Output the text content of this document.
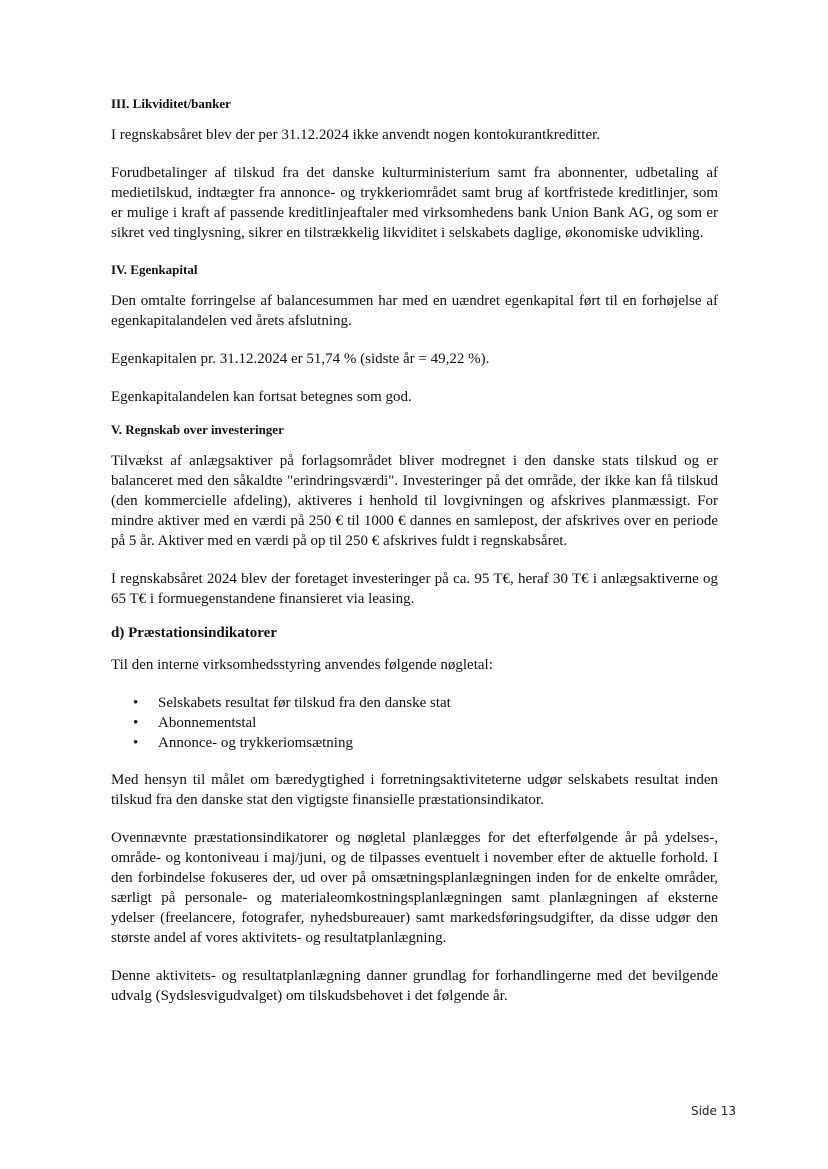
III. Likviditet/banker

I regnskabsåret blev der per 31.12.2024 ikke anvendt nogen kontokurantkreditter.

Forudbetalinger af tilskud fra det danske kulturministerium samt fra abonnenter, udbetaling af medietilskud, indtægter fra annonce- og trykkeriområdet samt brug af kortfristede kreditlinjer, som er mulige i kraft af passende kreditlinjeaftaler med virksomhedens bank Union Bank AG, og som er sikret ved tinglysning, sikrer en tilstrækkelig likviditet i selskabets daglige, økonomiske udvikling.

IV. Egenkapital

Den omtalte forringelse af balancesummen har med en uændret egenkapital ført til en forhøjelse af egenkapitalandelen ved årets afslutning.

Egenkapitalen pr. 31.12.2024 er 51,74 % (sidste år = 49,22 %).

Egenkapitalandelen kan fortsat betegnes som god.

V. Regnskab over investeringer

Tilvækst af anlægsaktiver på forlagsområdet bliver modregnet i den danske stats tilskud og er balanceret med den såkaldte "erindringsværdi". Investeringer på det område, der ikke kan få tilskud (den kommercielle afdeling), aktiveres i henhold til lovgivningen og afskrives planmæssigt. For mindre aktiver med en værdi på 250 € til 1000 € dannes en samlepost, der afskrives over en periode på 5 år. Aktiver med en værdi på op til 250 € afskrives fuldt i regnskabsåret.

I regnskabsåret 2024 blev der foretaget investeringer på ca. 95 T€, heraf 30 T€ i anlægsaktiverne og 65 T€ i formuegenstandene finansieret via leasing.

d) Præstationsindikatorer

Til den interne virksomhedsstyring anvendes følgende nøgletal:

• Selskabets resultat før tilskud fra den danske stat
• Abonnementstal
• Annonce- og trykkeriomsætning

Med hensyn til målet om bæredygtighed i forretningsaktiviteterne udgør selskabets resultat inden tilskud fra den danske stat den vigtigste finansielle præstationsindikator.

Ovennævnte præstationsindikatorer og nøgletal planlægges for det efterfølgende år på ydelses-, område- og kontoniveau i maj/juni, og de tilpasses eventuelt i november efter de aktuelle forhold. I den forbindelse fokuseres der, ud over på omsætningsplanlægningen inden for de enkelte områder, særligt på personale- og materialeomkostningsplanlægningen samt planlægningen af eksterne ydelser (freelancere, fotografer, nyhedsbureauer) samt markedsføringsudgifter, da disse udgør den største andel af vores aktivitets- og resultatplanlægning.

Denne aktivitets- og resultatplanlægning danner grundlag for forhandlingerne med det bevilgende udvalg (Sydslesvigudvalget) om tilskudsbehovet i det følgende år.

Side 13
